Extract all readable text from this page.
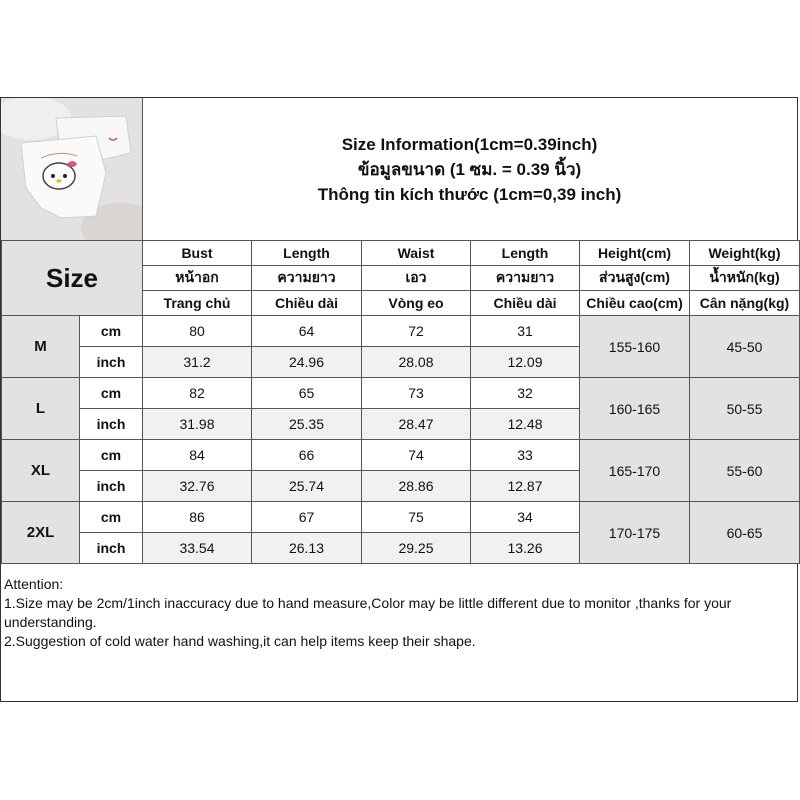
Size Information(1cm=0.39inch)
ข้อมูลขนาด (1 ซม. = 0.39 นิ้ว)
Thông tin kích thước (1cm=0,39 inch)
Size		Bust	Length	Waist	Length	Height(cm)	Weight(kg)
		หน้าอก	ความยาว	เอว	ความยาว	ส่วนสูง(cm)	น้ำหนัก(kg)
		Trang chủ	Chiều dài	Vòng eo	Chiều dài	Chiều cao(cm)	Cân nặng(kg)
M	cm	80	64	72	31	155-160	45-50
	inch	31.2	24.96	28.08	12.09		
L	cm	82	65	73	32	160-165	50-55
	inch	31.98	25.35	28.47	12.48		
XL	cm	84	66	74	33	165-170	55-60
	inch	32.76	25.74	28.86	12.87		
2XL	cm	86	67	75	34	170-175	60-65
	inch	33.54	26.13	29.25	13.26		
Attention:
1.Size may be 2cm/1inch inaccuracy due to hand measure,Color may be little different due to monitor ,thanks for your understanding.
2.Suggestion of cold water hand washing,it can help items keep their shape.
